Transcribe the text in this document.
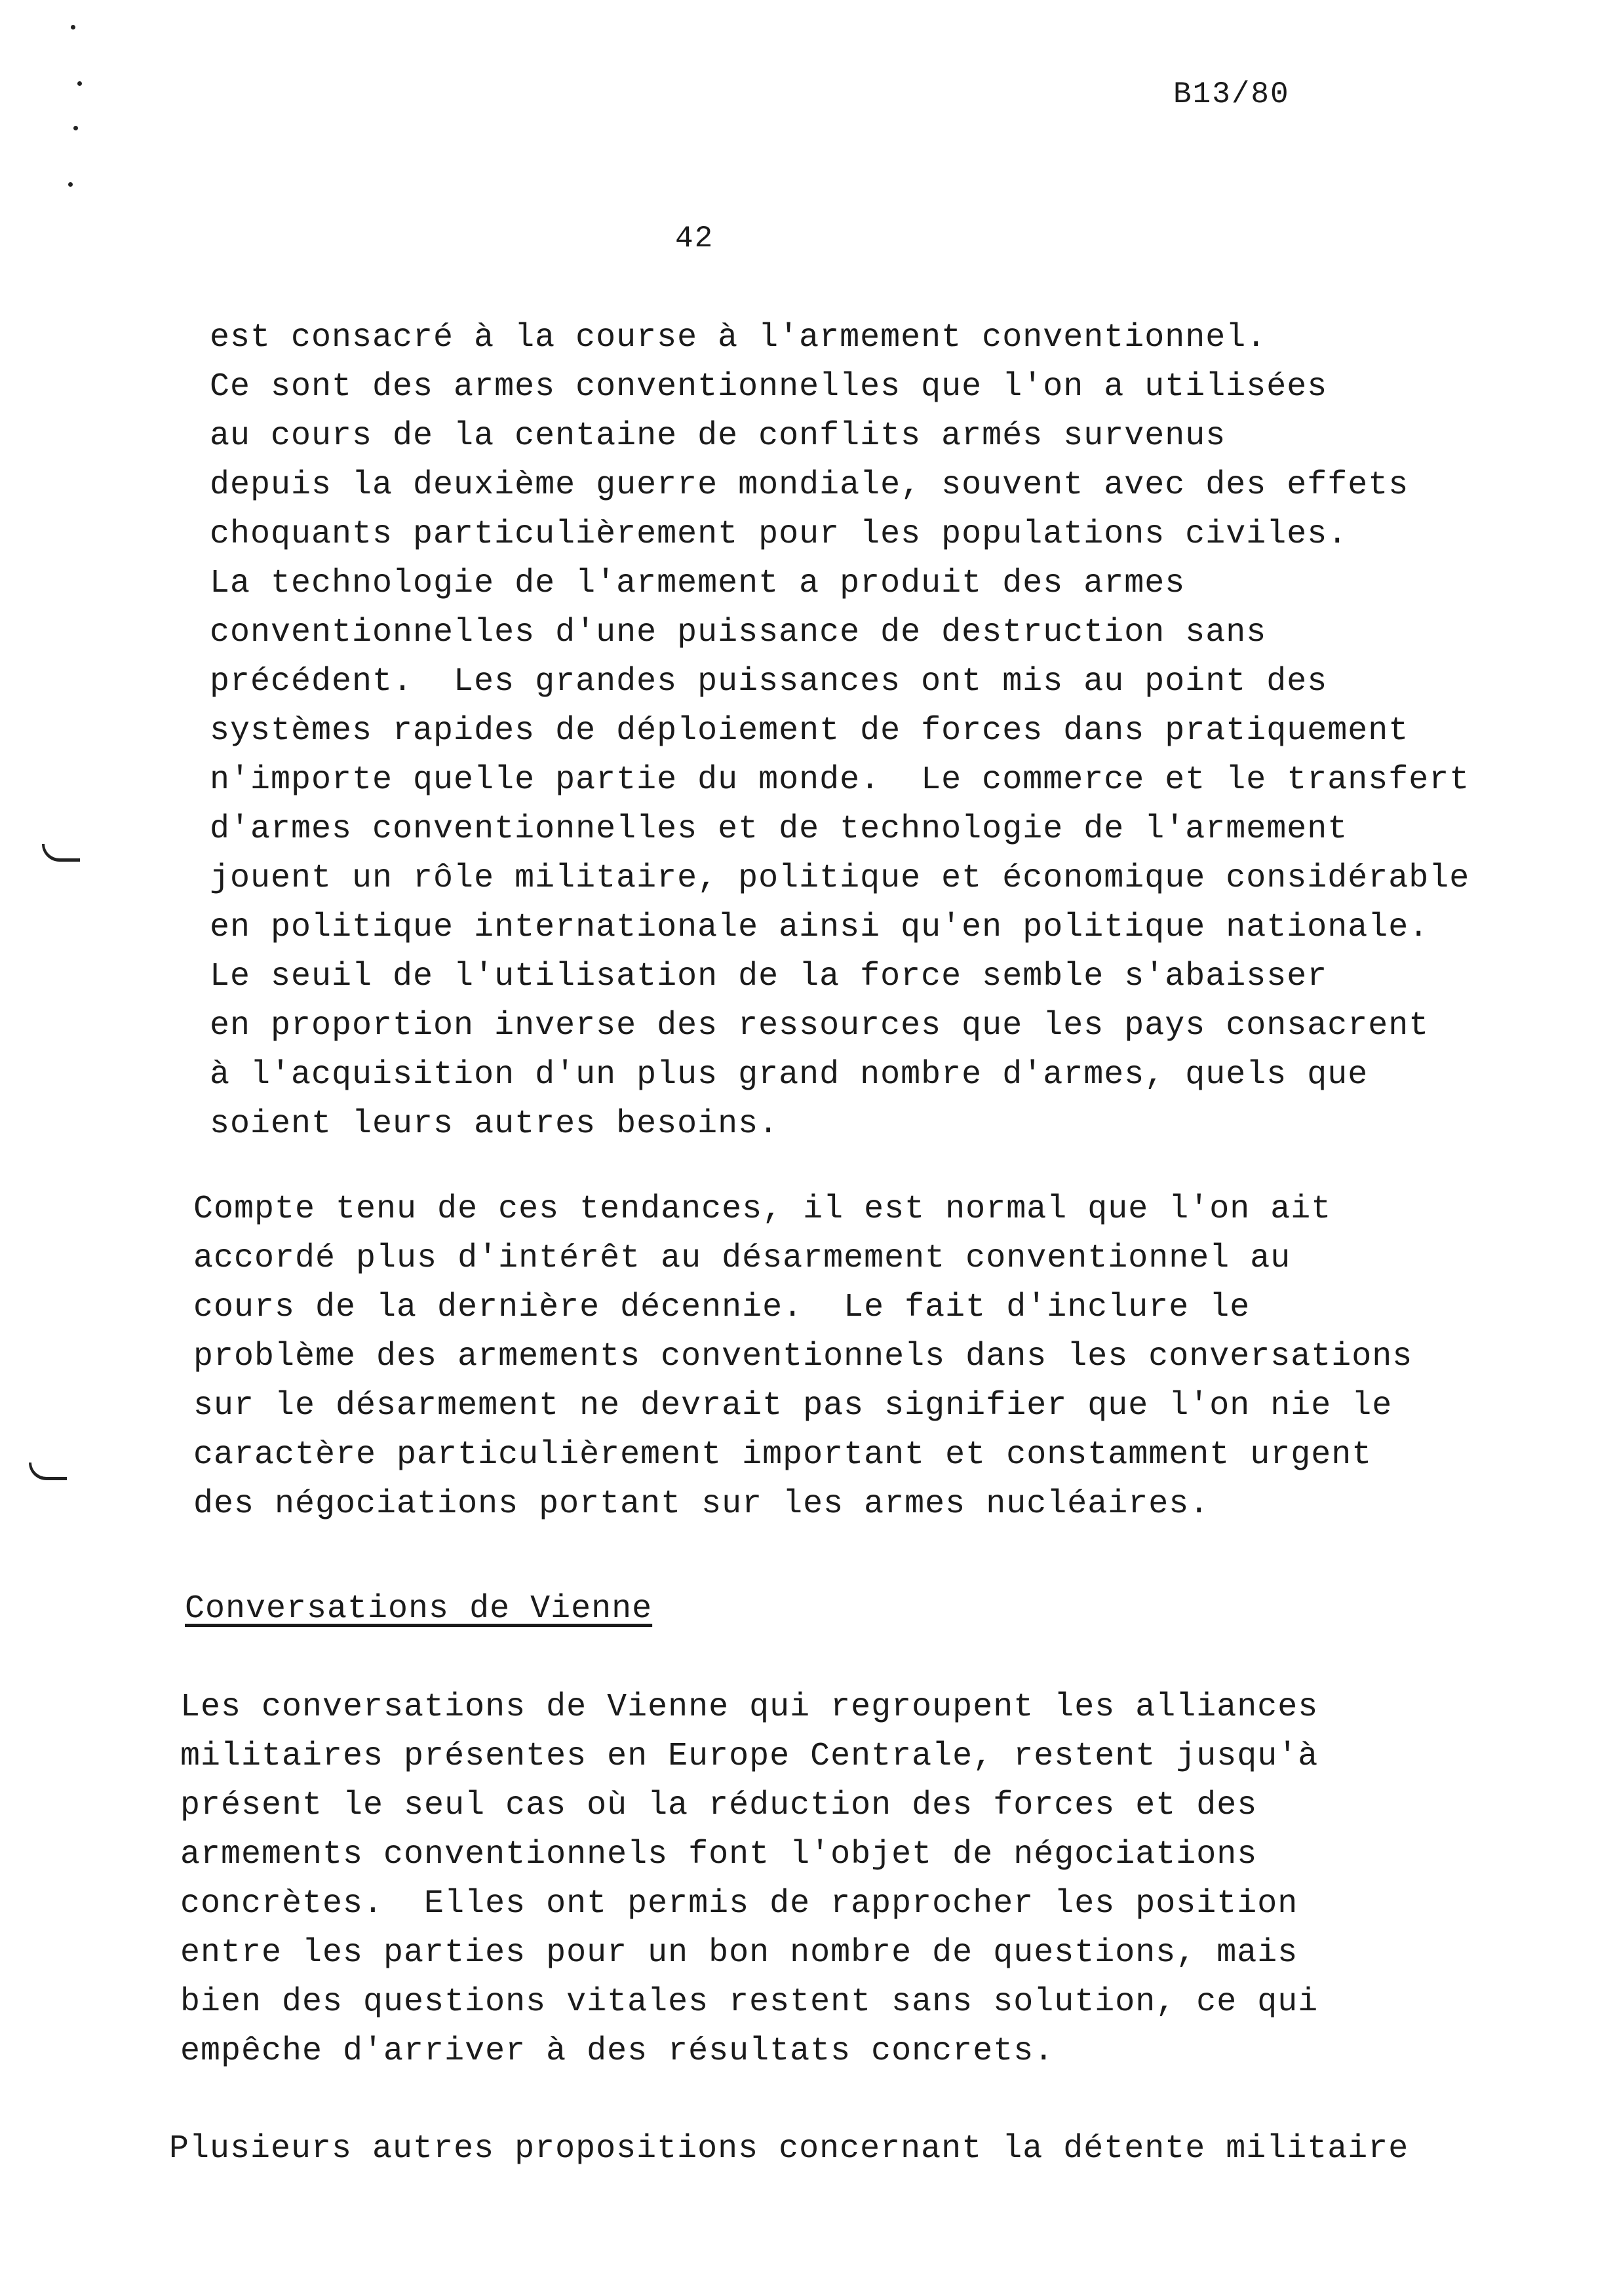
B13/80
42
est consacré à la course à l'armement conventionnel.
Ce sont des armes conventionnelles que l'on a utilisées
au cours de la centaine de conflits armés survenus
depuis la deuxième guerre mondiale, souvent avec des effets
choquants particulièrement pour les populations civiles.
La technologie de l'armement a produit des armes
conventionnelles d'une puissance de destruction sans
précédent.  Les grandes puissances ont mis au point des
systèmes rapides de déploiement de forces dans pratiquement
n'importe quelle partie du monde.  Le commerce et le transfert
d'armes conventionnelles et de technologie de l'armement
jouent un rôle militaire, politique et économique considérable
en politique internationale ainsi qu'en politique nationale.
Le seuil de l'utilisation de la force semble s'abaisser
en proportion inverse des ressources que les pays consacrent
à l'acquisition d'un plus grand nombre d'armes, quels que
soient leurs autres besoins.
Compte tenu de ces tendances, il est normal que l'on ait
accordé plus d'intérêt au désarmement conventionnel au
cours de la dernière décennie.  Le fait d'inclure le
problème des armements conventionnels dans les conversations
sur le désarmement ne devrait pas signifier que l'on nie le
caractère particulièrement important et constamment urgent
des négociations portant sur les armes nucléaires.
Conversations de Vienne
Les conversations de Vienne qui regroupent les alliances
militaires présentes en Europe Centrale, restent jusqu'à
présent le seul cas où la réduction des forces et des
armements conventionnels font l'objet de négociations
concrètes.  Elles ont permis de rapprocher les position
entre les parties pour un bon nombre de questions, mais
bien des questions vitales restent sans solution, ce qui
empêche d'arriver à des résultats concrets.
Plusieurs autres propositions concernant la détente militaire
